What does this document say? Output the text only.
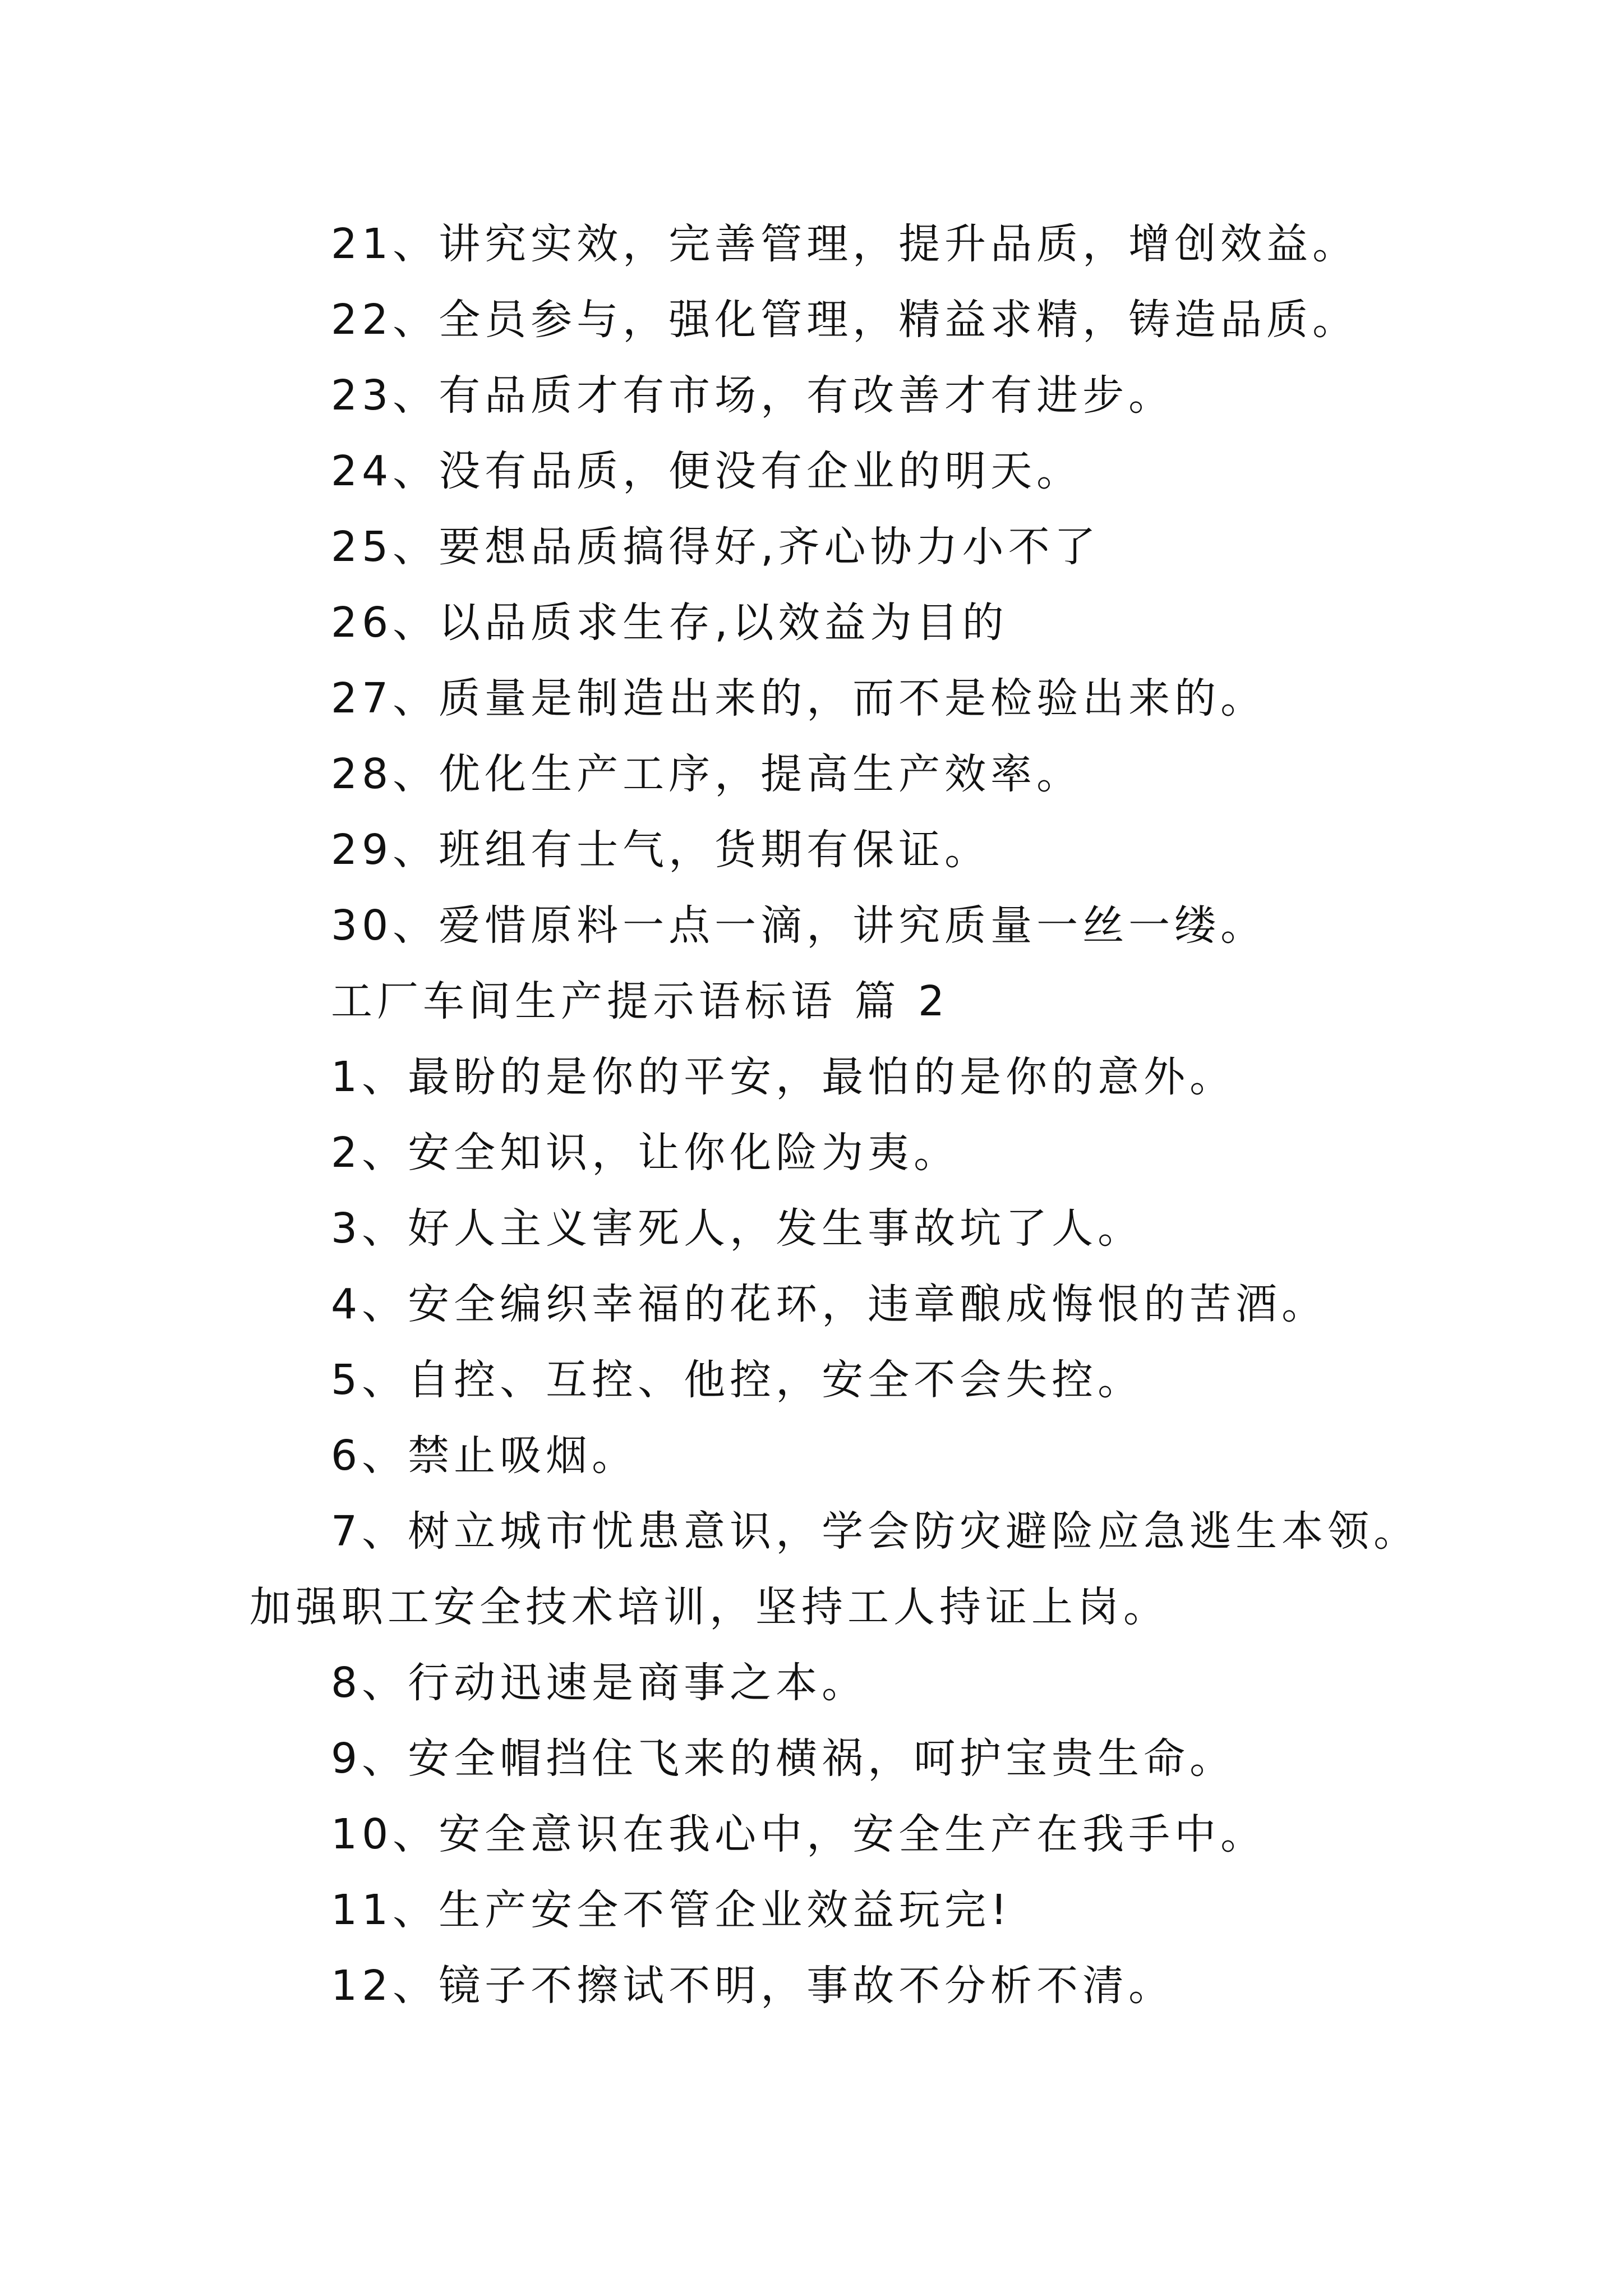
21、讲究实效，完善管理，提升品质，增创效益。
22、全员参与，强化管理，精益求精，铸造品质。
23、有品质才有市场，有改善才有进步。
24、没有品质，便没有企业的明天。
25、要想品质搞得好,齐心协力小不了
26、以品质求生存,以效益为目的
27、质量是制造出来的，而不是检验出来的。
28、优化生产工序，提高生产效率。
29、班组有士气，货期有保证。
30、爱惜原料一点一滴，讲究质量一丝一缕。
工厂车间生产提示语标语 篇 2
1、最盼的是你的平安，最怕的是你的意外。
2、安全知识，让你化险为夷。
3、好人主义害死人，发生事故坑了人。
4、安全编织幸福的花环，违章酿成悔恨的苦酒。
5、自控、互控、他控，安全不会失控。
6、禁止吸烟。
7、树立城市忧患意识，学会防灾避险应急逃生本领。
加强职工安全技术培训，坚持工人持证上岗。
8、行动迅速是商事之本。
9、安全帽挡住飞来的横祸，呵护宝贵生命。
10、安全意识在我心中，安全生产在我手中。
11、生产安全不管企业效益玩完!
12、镜子不擦试不明，事故不分析不清。
